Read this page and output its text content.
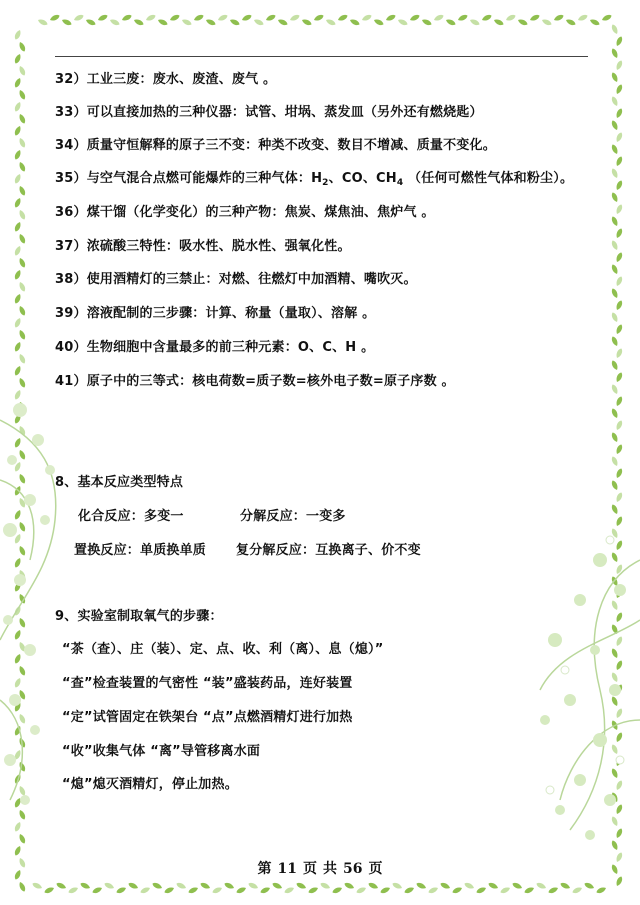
32）工业三废：废水、废渣、废气 。
33）可以直接加热的三种仪器：试管、坩埚、蒸发皿（另外还有燃烧匙）
34）质量守恒解释的原子三不变：种类不改变、数目不增减、质量不变化。
35）与空气混合点燃可能爆炸的三种气体：$H_2$、CO、$CH_4$ （任何可燃性气体和粉尘）。
36）煤干馏（化学变化）的三种产物：焦炭、煤焦油、焦炉气 。
37）浓硫酸三特性：吸水性、脱水性、强氧化性。
38）使用酒精灯的三禁止：对燃、往燃灯中加酒精、嘴吹灭。
39）溶液配制的三步骤：计算、称量（量取）、溶解 。
40）生物细胞中含量最多的前三种元素：O、C、H 。
41）原子中的三等式：核电荷数=质子数=核外电子数=原子序数 。
8、基本反应类型特点
化合反应：多变一	分解反应：一变多
置换反应：单质换单质 复分解反应：互换离子、价不变
9、实验室制取氧气的步骤：
“茶（查）、庄（装）、定、点、收、利（离）、息（熄）”
“查”检查装置的气密性 “装”盛装药品，连好装置
“定”试管固定在铁架台 “点”点燃酒精灯进行加热
“收”收集气体 “离”导管移离水面
“熄”熄灭酒精灯，停止加热。
第 11 页 共 56 页
